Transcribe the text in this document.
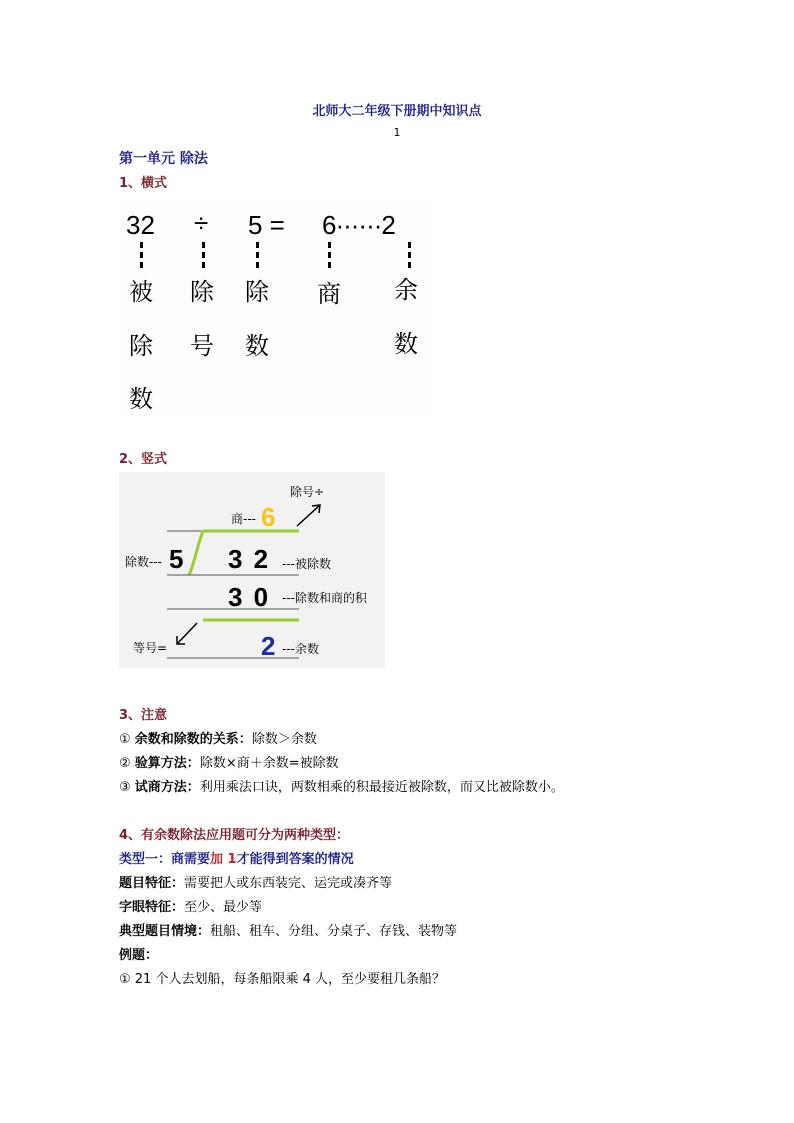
北师大二年级下册期中知识点
1
第一单元 除法
1、横式
32 ÷ 5 = 6······2
被
除
数
除
号
除
数
商 余
数
2、竖式
除号÷
商--- 6
除数--- 5 3 2 ---被除数
3 0 ---除数和商的积
等号=	2 ---余数
3、注意
① 余数和除数的关系：除数＞余数
② 验算方法：除数×商＋余数=被除数
③ 试商方法：利用乘法口诀，两数相乘的积最接近被除数，而又比被除数小。
4、有余数除法应用题可分为两种类型：
类型一：商需要加 1才能得到答案的情况
题目特征：需要把人或东西装完、运完或凑齐等
字眼特征：至少、最少等
典型题目情境：租船、租车、分组、分桌子、存钱、装物等
例题：
① 21 个人去划船，每条船限乘 4 人，至少要租几条船？
